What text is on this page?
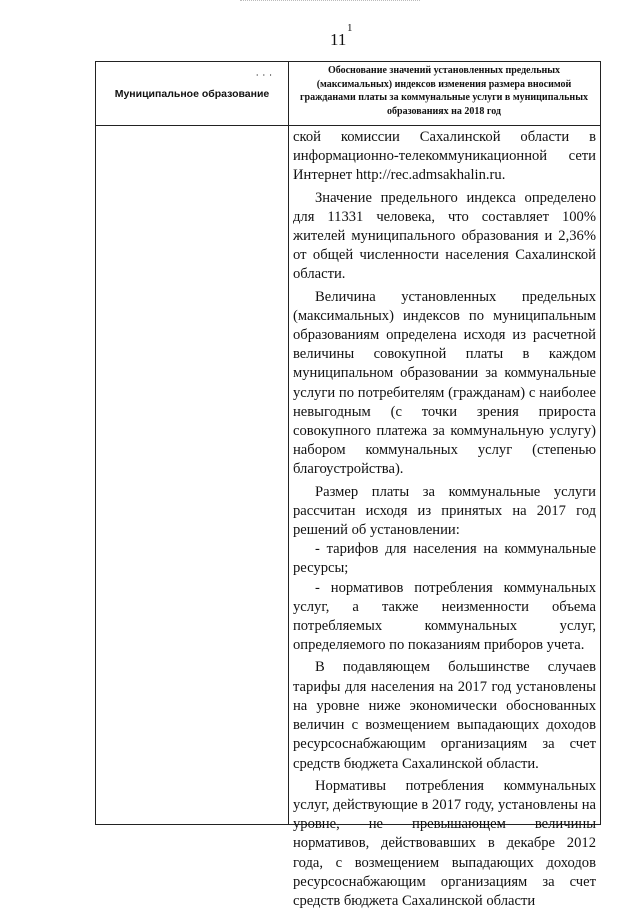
11
1
⸱ ⸱ ⸱
Муниципальное образование
Обоснование значений установленных предельных (максимальных) индексов изменения размера вносимой гражданами платы за коммунальные услуги в муниципальных образованиях на 2018 год

ской комиссии Сахалинской области в информационно-телекоммуникационной сети Интернет http://rec.admsakhalin.ru.

Значение предельного индекса определено для 11331 человека, что составляет 100% жителей муниципального образования и 2,36% от общей численности населения Сахалинской области.

Величина установленных предельных (максимальных) индексов по муниципальным образованиям определена исходя из расчетной величины совокупной платы в каждом муниципальном образовании за коммунальные услуги по потребителям (гражданам) с наиболее невыгодным (с точки зрения прироста совокупного платежа за коммунальную услугу) набором коммунальных услуг (степенью благоустройства).

Размер платы за коммунальные услуги рассчитан исходя из принятых на 2017 год решений об установлении:

- тарифов для населения на коммунальные ресурсы;

- нормативов потребления коммунальных услуг, а также неизменности объема потребляемых коммунальных услуг, определяемого по показаниям приборов учета.

В подавляющем большинстве случаев тарифы для населения на 2017 год установлены на уровне ниже экономически обоснованных величин с возмещением выпадающих доходов ресурсоснабжающим организациям за счет средств бюджета Сахалинской области.

Нормативы потребления коммунальных услуг, действующие в 2017 году, установлены на уровне, не превышающем величины нормативов, действовавших в декабре 2012 года, с возмещением выпадающих доходов ресурсоснабжающим организациям за счет средств бюджета Сахалинской области
